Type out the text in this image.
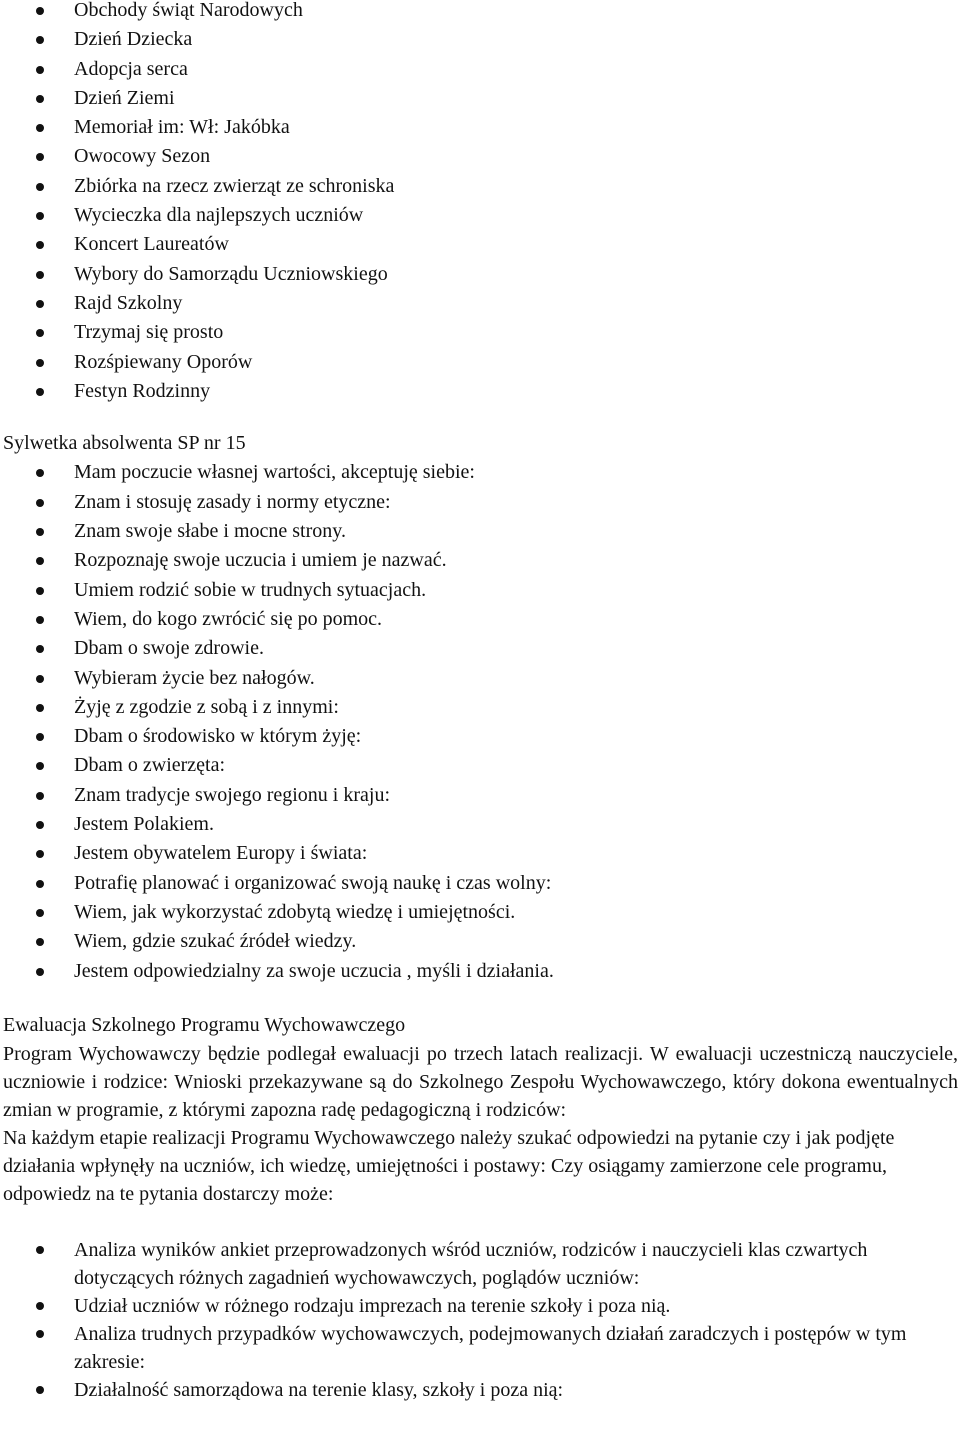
Obchody świąt Narodowych
Dzień Dziecka
Adopcja serca
Dzień Ziemi
Memoriał im: Wł: Jakóbka
Owocowy Sezon
Zbiórka na rzecz zwierząt ze schroniska
Wycieczka dla najlepszych uczniów
Koncert Laureatów
Wybory do Samorządu Uczniowskiego
Rajd Szkolny
Trzymaj się prosto
Rozśpiewany Oporów
Festyn Rodzinny
Sylwetka absolwenta SP nr 15
Mam poczucie własnej wartości, akceptuję siebie:
Znam i stosuję zasady i normy etyczne:
Znam swoje słabe i mocne strony.
Rozpoznaję swoje uczucia i umiem je nazwać.
Umiem rodzić sobie w trudnych sytuacjach.
Wiem, do kogo zwrócić się po pomoc.
Dbam o swoje zdrowie.
Wybieram życie bez nałogów.
Żyję z zgodzie z sobą i z innymi:
Dbam o środowisko w którym żyję:
Dbam o zwierzęta:
Znam tradycje swojego regionu i kraju:
Jestem Polakiem.
Jestem obywatelem Europy i świata:
Potrafię planować i organizować swoją naukę i czas wolny:
Wiem, jak wykorzystać zdobytą wiedzę i umiejętności.
Wiem, gdzie szukać źródeł wiedzy.
Jestem odpowiedzialny za swoje uczucia , myśli i działania.
Ewaluacja Szkolnego Programu Wychowawczego

Program Wychowawczy będzie podlegał ewaluacji po trzech latach realizacji. W ewaluacji uczestniczą nauczyciele, uczniowie i rodzice: Wnioski przekazywane są do Szkolnego Zespołu Wychowawczego, który dokona ewentualnych zmian w programie, z którymi zapozna radę pedagogiczną i rodziców:

Na każdym etapie realizacji Programu Wychowawczego należy szukać odpowiedzi na pytanie czy i jak podjęte działania wpłynęły na uczniów, ich wiedzę, umiejętności i postawy: Czy osiągamy zamierzone cele programu, odpowiedz na te pytania dostarczy może:

Analiza wyników ankiet przeprowadzonych wśród uczniów, rodziców i nauczycieli klas czwartych dotyczących różnych zagadnień wychowawczych, poglądów uczniów:
Udział uczniów w różnego rodzaju imprezach na terenie szkoły i poza nią.
Analiza trudnych przypadków wychowawczych, podejmowanych działań zaradczych i postępów w tym zakresie:
Działalność samorządowa na terenie klasy, szkoły i poza nią:
